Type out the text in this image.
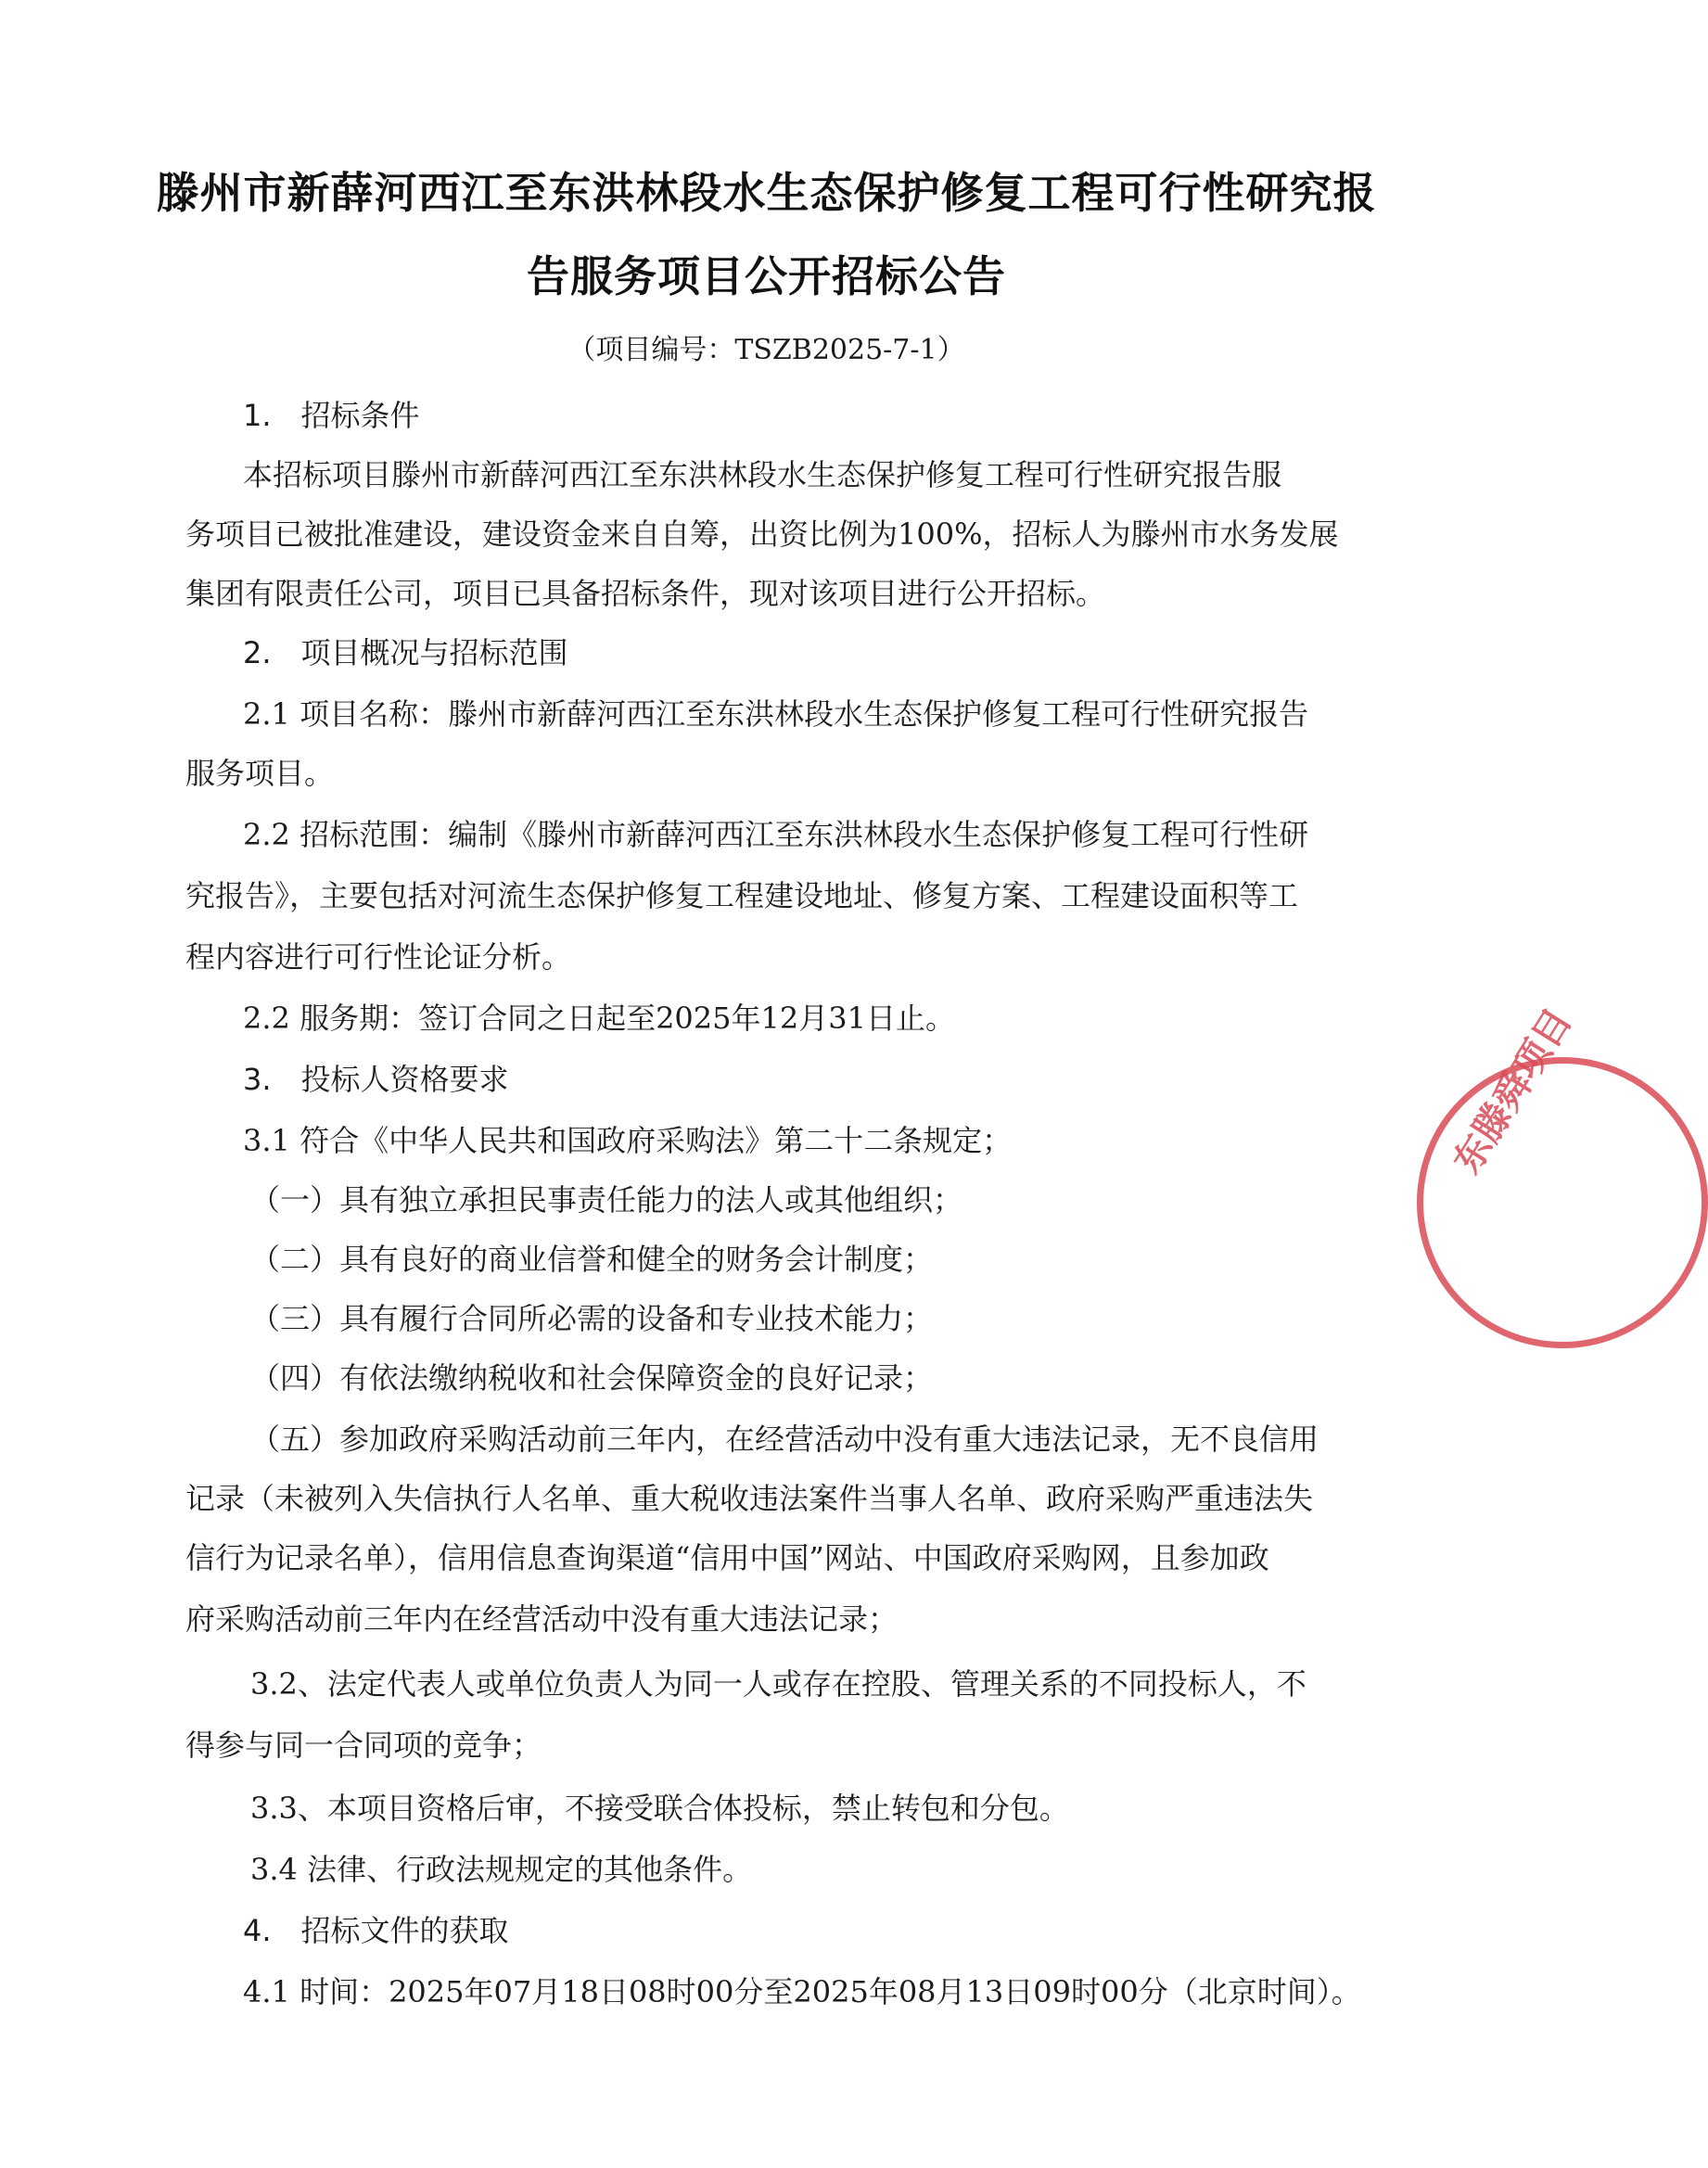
滕州市新薛河西江至东洪林段水生态保护修复工程可行性研究报
告服务项目公开招标公告
（项目编号：TSZB2025-7-1）
1.　招标条件
本招标项目滕州市新薛河西江至东洪林段水生态保护修复工程可行性研究报告服
务项目已被批准建设，建设资金来自自筹，出资比例为100%，招标人为滕州市水务发展
集团有限责任公司，项目已具备招标条件，现对该项目进行公开招标。
2.　项目概况与招标范围
2.1 项目名称：滕州市新薛河西江至东洪林段水生态保护修复工程可行性研究报告
服务项目。
2.2 招标范围：编制《滕州市新薛河西江至东洪林段水生态保护修复工程可行性研
究报告》，主要包括对河流生态保护修复工程建设地址、修复方案、工程建设面积等工
程内容进行可行性论证分析。
2.2 服务期：签订合同之日起至2025年12月31日止。
3.　投标人资格要求
3.1 符合《中华人民共和国政府采购法》第二十二条规定；
（一）具有独立承担民事责任能力的法人或其他组织；
（二）具有良好的商业信誉和健全的财务会计制度；
（三）具有履行合同所必需的设备和专业技术能力；
（四）有依法缴纳税收和社会保障资金的良好记录；
（五）参加政府采购活动前三年内，在经营活动中没有重大违法记录，无不良信用
记录（未被列入失信执行人名单、重大税收违法案件当事人名单、政府采购严重违法失
信行为记录名单），信用信息查询渠道“信用中国”网站、中国政府采购网，且参加政
府采购活动前三年内在经营活动中没有重大违法记录；
3.2、法定代表人或单位负责人为同一人或存在控股、管理关系的不同投标人，不
得参与同一合同项的竞争；
3.3、本项目资格后审，不接受联合体投标，禁止转包和分包。
3.4 法律、行政法规规定的其他条件。
4.　招标文件的获取
4.1 时间：2025年07月18日08时00分至2025年08月13日09时00分（北京时间）。
东滕舜项目
